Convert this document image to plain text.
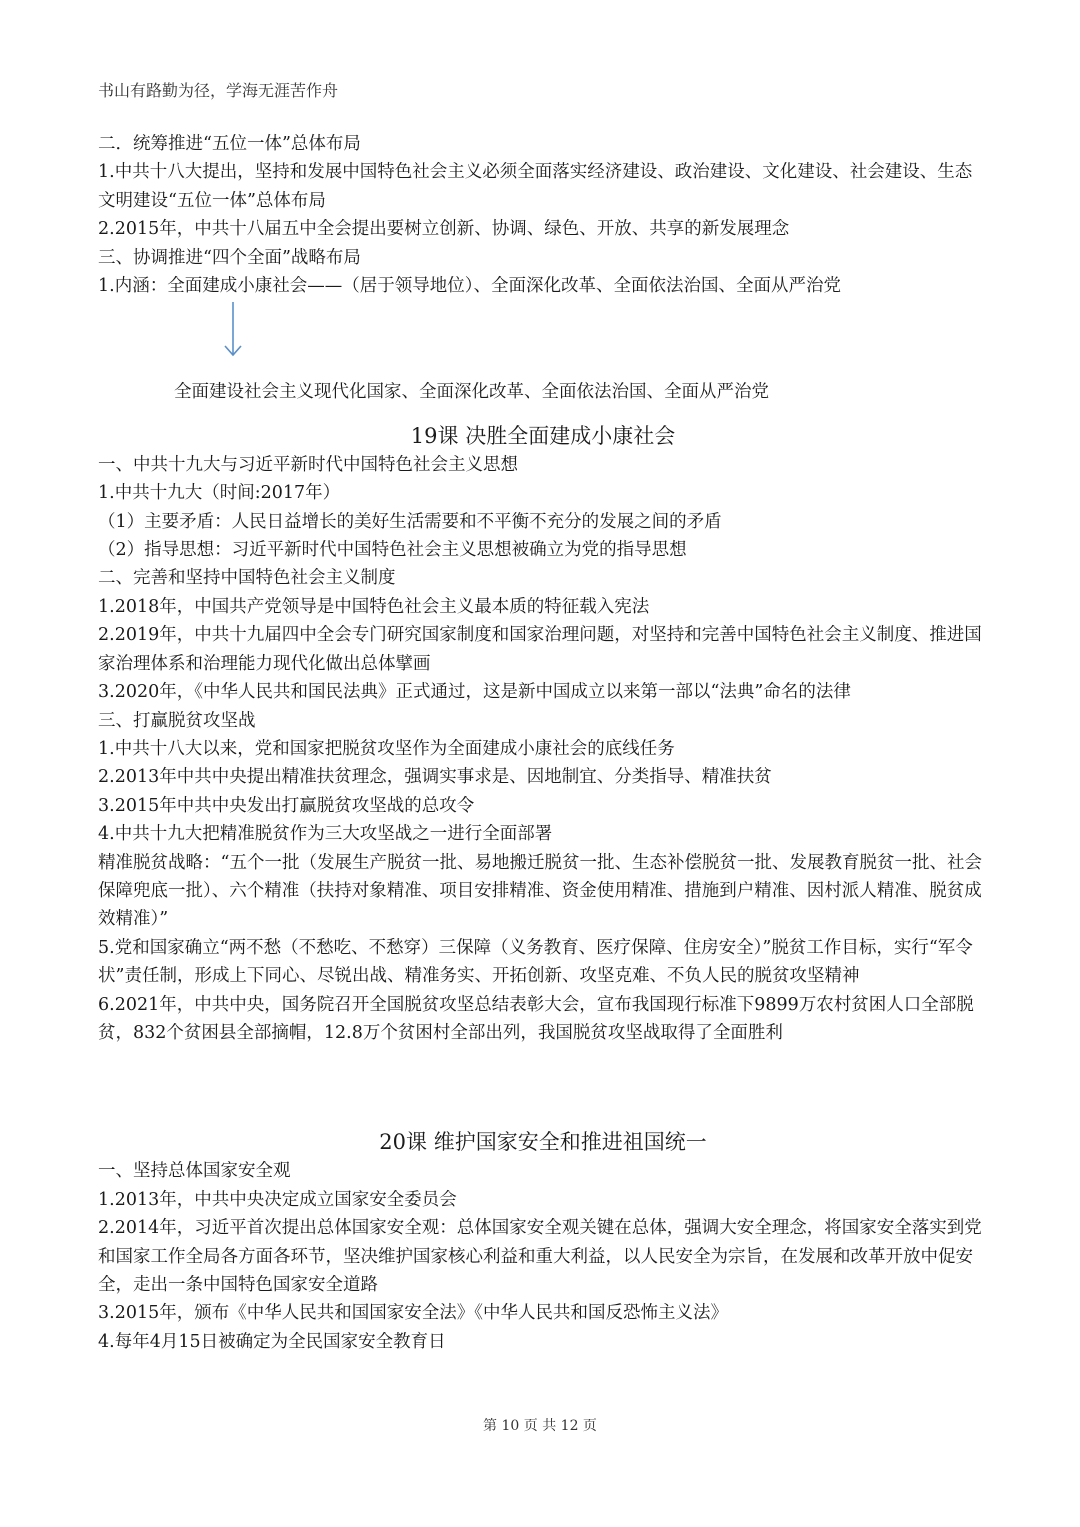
书山有路勤为径，学海无涯苦作舟
二．统筹推进“五位一体”总体布局
1.中共十八大提出，坚持和发展中国特色社会主义必须全面落实经济建设、政治建设、文化建设、社会建设、生态文明建设“五位一体”总体布局
2.2015年，中共十八届五中全会提出要树立创新、协调、绿色、开放、共享的新发展理念
三、协调推进“四个全面”战略布局
1.内涵：全面建成小康社会——（居于领导地位）、全面深化改革、全面依法治国、全面从严治党
全面建设社会主义现代化国家、全面深化改革、全面依法治国、全面从严治党
19课 决胜全面建成小康社会
一、中共十九大与习近平新时代中国特色社会主义思想
1.中共十九大（时间:2017年）
（1）主要矛盾：人民日益增长的美好生活需要和不平衡不充分的发展之间的矛盾
（2）指导思想：习近平新时代中国特色社会主义思想被确立为党的指导思想
二、完善和坚持中国特色社会主义制度
1.2018年，中国共产党领导是中国特色社会主义最本质的特征载入宪法
2.2019年，中共十九届四中全会专门研究国家制度和国家治理问题，对坚持和完善中国特色社会主义制度、推进国家治理体系和治理能力现代化做出总体擘画
3.2020年，《中华人民共和国民法典》正式通过，这是新中国成立以来第一部以“法典”命名的法律
三、打赢脱贫攻坚战
1.中共十八大以来，党和国家把脱贫攻坚作为全面建成小康社会的底线任务
2.2013年中共中央提出精准扶贫理念，强调实事求是、因地制宜、分类指导、精准扶贫
3.2015年中共中央发出打赢脱贫攻坚战的总攻令
4.中共十九大把精准脱贫作为三大攻坚战之一进行全面部署
精准脱贫战略：“五个一批（发展生产脱贫一批、易地搬迁脱贫一批、生态补偿脱贫一批、发展教育脱贫一批、社会保障兜底一批）、六个精准（扶持对象精准、项目安排精准、资金使用精准、措施到户精准、因村派人精准、脱贫成效精准）”
5.党和国家确立“两不愁（不愁吃、不愁穿）三保障（义务教育、医疗保障、住房安全）”脱贫工作目标，实行“军令状”责任制，形成上下同心、尽锐出战、精准务实、开拓创新、攻坚克难、不负人民的脱贫攻坚精神
6.2021年，中共中央，国务院召开全国脱贫攻坚总结表彰大会，宣布我国现行标准下9899万农村贫困人口全部脱贫，832个贫困县全部摘帽，12.8万个贫困村全部出列，我国脱贫攻坚战取得了全面胜利
20课 维护国家安全和推进祖国统一
一、坚持总体国家安全观
1.2013年，中共中央决定成立国家安全委员会
2.2014年，习近平首次提出总体国家安全观：总体国家安全观关键在总体，强调大安全理念，将国家安全落实到党和国家工作全局各方面各环节，坚决维护国家核心利益和重大利益，以人民安全为宗旨，在发展和改革开放中促安全，走出一条中国特色国家安全道路
3.2015年，颁布《中华人民共和国国家安全法》《中华人民共和国反恐怖主义法》
4.每年4月15日被确定为全民国家安全教育日
第 10 页 共 12 页
